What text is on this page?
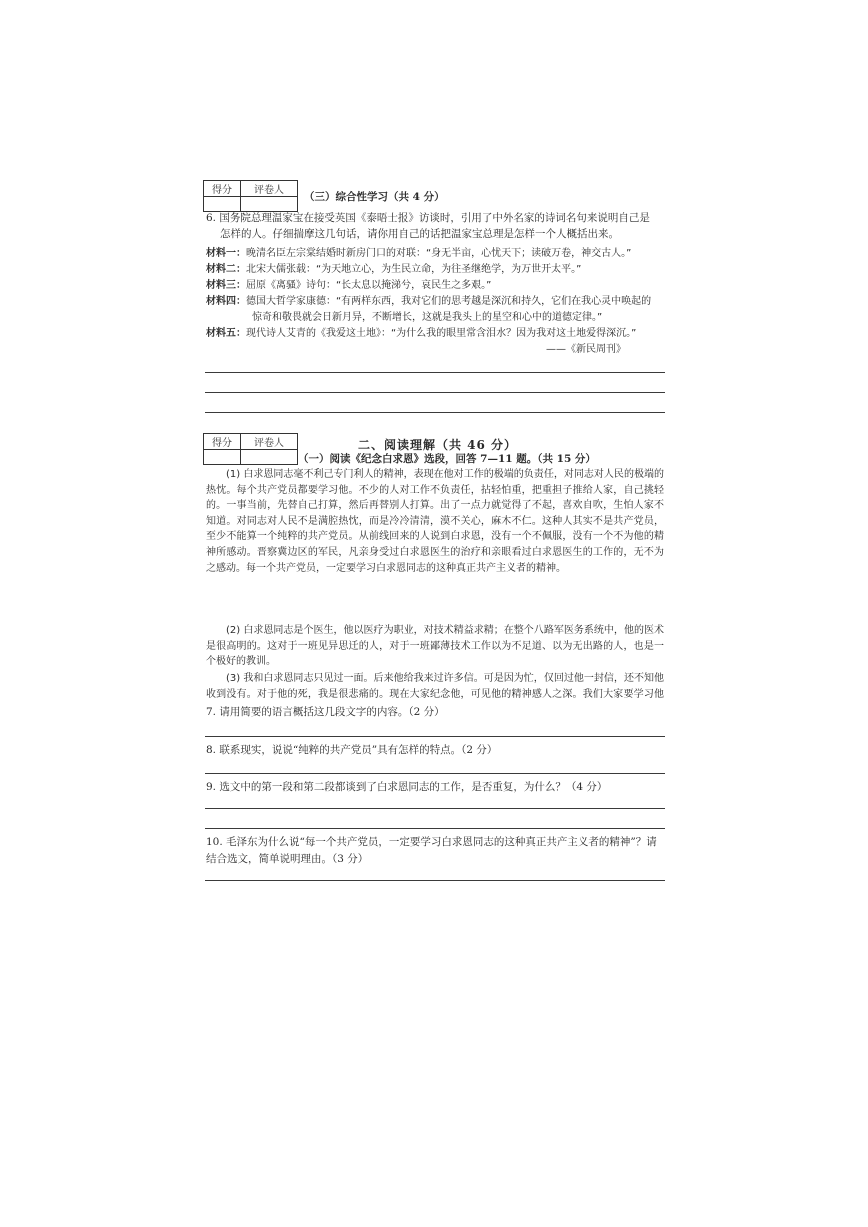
得分	评卷人

（三）综合性学习（共 4 分）
6. 国务院总理温家宝在接受英国《泰晤士报》访谈时，引用了中外名家的诗词名句来说明自己是
怎样的人。仔细揣摩这几句话，请你用自己的话把温家宝总理是怎样一个人概括出来。
材料一：晚清名臣左宗棠结婚时新房门口的对联：“身无半亩，心忧天下；读破万卷，神交古人。”
材料二：北宋大儒张载：“为天地立心，为生民立命，为往圣继绝学，为万世开太平。”
材料三：屈原《离骚》诗句：“长太息以掩涕兮，哀民生之多艰。”
材料四：德国大哲学家康德：“有两样东西，我对它们的思考越是深沉和持久，它们在我心灵中唤起的
惊奇和敬畏就会日新月异，不断增长，这就是我头上的星空和心中的道德定律。”
材料五：现代诗人艾青的《我爱这土地》：“为什么我的眼里常含泪水？因为我对这土地爱得深沉。”
——《新民周刊》
得分	评卷人
		二、阅读理解（共 46 分）
（一）阅读《纪念白求恩》选段，回答 7—11 题。（共 15 分）
(1) 白求恩同志毫不利己专门利人的精神，表现在他对工作的极端的负责任，对同志对人民的极端的热忱。每个共产党员都要学习他。不少的人对工作不负责任，拈轻怕重，把重担子推给人家，自己挑轻的。一事当前，先替自己打算，然后再替别人打算。出了一点力就觉得了不起，喜欢自吹，生怕人家不知道。对同志对人民不是满腔热忱，而是冷冷清清，漠不关心，麻木不仁。这种人其实不是共产党员，至少不能算一个纯粹的共产党员。从前线回来的人说到白求恩，没有一个不佩服，没有一个不为他的精神所感动。晋察冀边区的军民，凡亲身受过白求恩医生的治疗和亲眼看过白求恩医生的工作的，无不为之感动。每一个共产党员，一定要学习白求恩同志的这种真正共产主义者的精神。
(2) 白求恩同志是个医生，他以医疗为职业，对技术精益求精；在整个八路军医务系统中，他的医术是很高明的。这对于一班见异思迁的人，对于一班鄙薄技术工作以为不足道、以为无出路的人，也是一个极好的教训。
(3) 我和白求恩同志只见过一面。后来他给我来过许多信。可是因为忙，仅回过他一封信，还不知他收到没有。对于他的死，我是很悲痛的。现在大家纪念他，可见他的精神感人之深。我们大家要学习他
7. 请用简要的语言概括这几段文字的内容。（2 分）
8. 联系现实，说说“纯粹的共产党员”具有怎样的特点。（2 分）
9. 选文中的第一段和第二段都谈到了白求恩同志的工作，是否重复，为什么？（4 分）
10. 毛泽东为什么说“每一个共产党员，一定要学习白求恩同志的这种真正共产主义者的精神”？请
结合选文，简单说明理由。（3 分）
